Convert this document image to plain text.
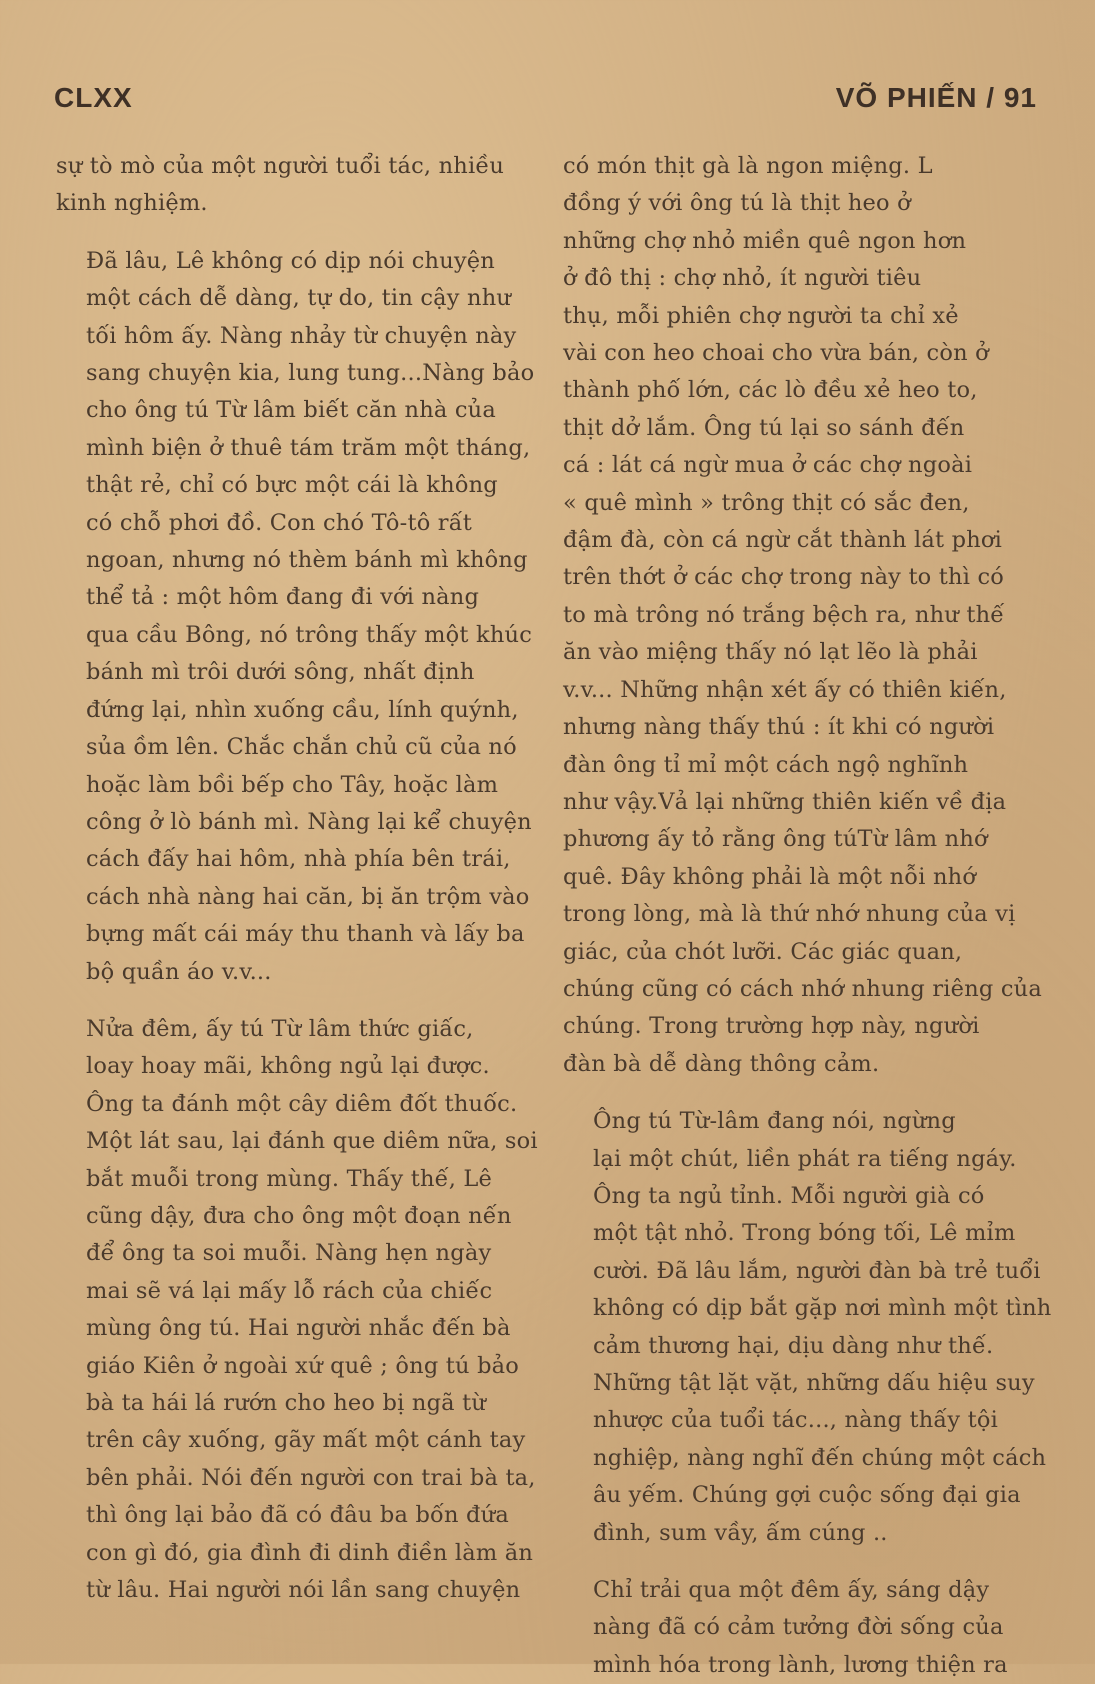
CLXX	VÕ PHIẾN / 91

sự tò mò của một người tuổi tác, nhiều
kinh nghiệm.

Đã lâu, Lê không có dịp nói chuyện
một cách dễ dàng, tự do, tin cậy như
tối hôm ấy. Nàng nhảy từ chuyện này
sang chuyện kia, lung tung...Nàng bảo
cho ông tú Từ lâm biết căn nhà của
mình biện ở thuê tám trăm một tháng,
thật rẻ, chỉ có bực một cái là không
có chỗ phơi đồ. Con chó Tô-tô rất
ngoan, nhưng nó thèm bánh mì không
thể tả : một hôm đang đi với nàng
qua cầu Bông, nó trông thấy một khúc
bánh mì trôi dưới sông, nhất định
đứng lại, nhìn xuống cầu, lính quýnh,
sủa ồm lên. Chắc chắn chủ cũ của nó
hoặc làm bồi bếp cho Tây, hoặc làm
công ở lò bánh mì. Nàng lại kể chuyện
cách đấy hai hôm, nhà phía bên trái,
cách nhà nàng hai căn, bị ăn trộm vào
bựng mất cái máy thu thanh và lấy ba
bộ quần áo v.v...

Nửa đêm, ấy tú Từ lâm thức giấc,
loay hoay mãi, không ngủ lại được.
Ông ta đánh một cây diêm đốt thuốc.
Một lát sau, lại đánh que diêm nữa, soi
bắt muỗi trong mùng. Thấy thế, Lê
cũng dậy, đưa cho ông một đoạn nến
để ông ta soi muỗi. Nàng hẹn ngày
mai sẽ vá lại mấy lỗ rách của chiếc
mùng ông tú. Hai người nhắc đến bà
giáo Kiên ở ngoài xứ quê ; ông tú bảo
bà ta hái lá rướn cho heo bị ngã từ
trên cây xuống, gãy mất một cánh tay
bên phải. Nói đến người con trai bà ta,
thì ông lại bảo đã có đâu ba bốn đứa
con gì đó, gia đình đi dinh điền làm ăn
từ lâu. Hai người nói lần sang chuyện

có món thịt gà là ngon miệng. L
đồng ý với ông tú là thịt heo ở
những chợ nhỏ miền quê ngon hơn
ở đô thị : chợ nhỏ, ít người tiêu
thụ, mỗi phiên chợ người ta chỉ xẻ
vài con heo choai cho vừa bán, còn ở
thành phố lớn, các lò đều xẻ heo to,
thịt dở lắm. Ông tú lại so sánh đến
cá : lát cá ngừ mua ở các chợ ngoài
« quê mình » trông thịt có sắc đen,
đậm đà, còn cá ngừ cắt thành lát phơi
trên thớt ở các chợ trong này to thì có
to mà trông nó trắng bệch ra, như thế
ăn vào miệng thấy nó lạt lẽo là phải
v.v... Những nhận xét ấy có thiên kiến,
nhưng nàng thấy thú : ít khi có người
đàn ông tỉ mỉ một cách ngộ nghĩnh
như vậy.Vả lại những thiên kiến về địa
phương ấy tỏ rằng ông túTừ lâm nhớ
quê. Đây không phải là một nỗi nhớ
trong lòng, mà là thứ nhớ nhung của vị
giác, của chót lưỡi. Các giác quan,
chúng cũng có cách nhớ nhung riêng của
chúng. Trong trường hợp này, người
đàn bà dễ dàng thông cảm.

Ông tú Từ-lâm đang nói, ngừng
lại một chút, liền phát ra tiếng ngáy.
Ông ta ngủ tỉnh. Mỗi người già có
một tật nhỏ. Trong bóng tối, Lê mỉm
cười. Đã lâu lắm, người đàn bà trẻ tuổi
không có dịp bắt gặp nơi mình một tình
cảm thương hại, dịu dàng như thế.
Những tật lặt vặt, những dấu hiệu suy
nhược của tuổi tác..., nàng thấy tội
nghiệp, nàng nghĩ đến chúng một cách
âu yếm. Chúng gợi cuộc sống đại gia
đình, sum vầy, ấm cúng ..

Chỉ trải qua một đêm ấy, sáng dậy
nàng đã có cảm tưởng đời sống của
mình hóa trong lành, lương thiện ra
